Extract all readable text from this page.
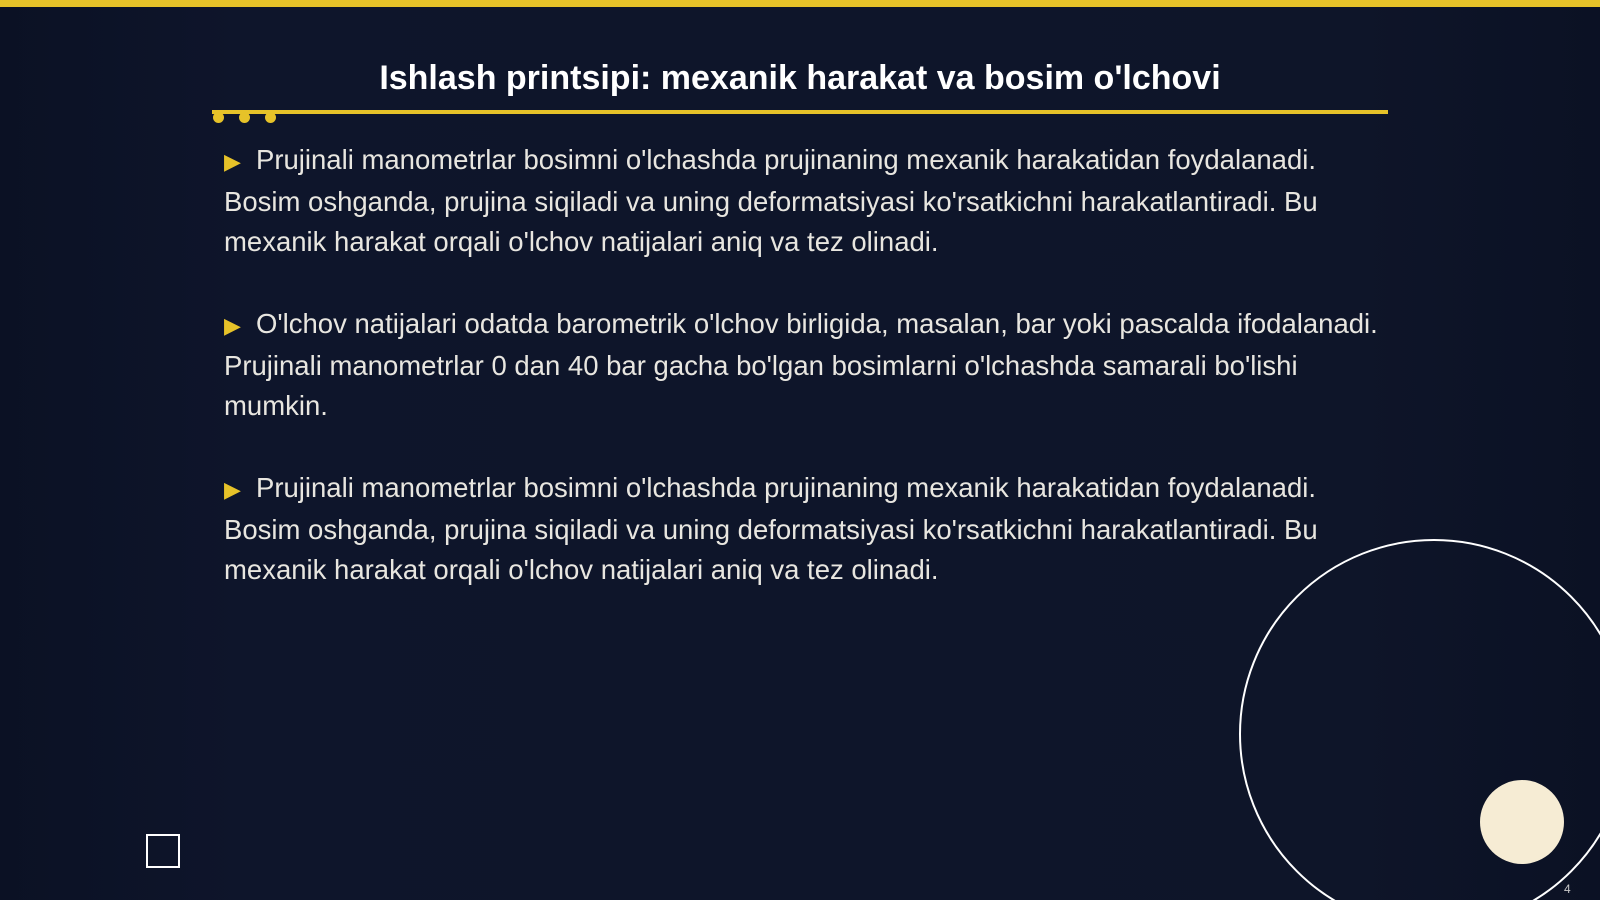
Ishlash printsipi: mexanik harakat va bosim o'lchovi

▶ Prujinali manometrlar bosimni o'lchashda prujinaning mexanik harakatidan foydalanadi. Bosim oshganda, prujina siqiladi va uning deformatsiyasi ko'rsatkichni harakatlantiradi. Bu mexanik harakat orqali o'lchov natijalari aniq va tez olinadi.

▶ O'lchov natijalari odatda barometrik o'lchov birligida, masalan, bar yoki pascalda ifodalanadi. Prujinali manometrlar 0 dan 40 bar gacha bo'lgan bosimlarni o'lchashda samarali bo'lishi mumkin.

▶ Prujinali manometrlar bosimni o'lchashda prujinaning mexanik harakatidan foydalanadi. Bosim oshganda, prujina siqiladi va uning deformatsiyasi ko'rsatkichni harakatlantiradi. Bu mexanik harakat orqali o'lchov natijalari aniq va tez olinadi.

4
